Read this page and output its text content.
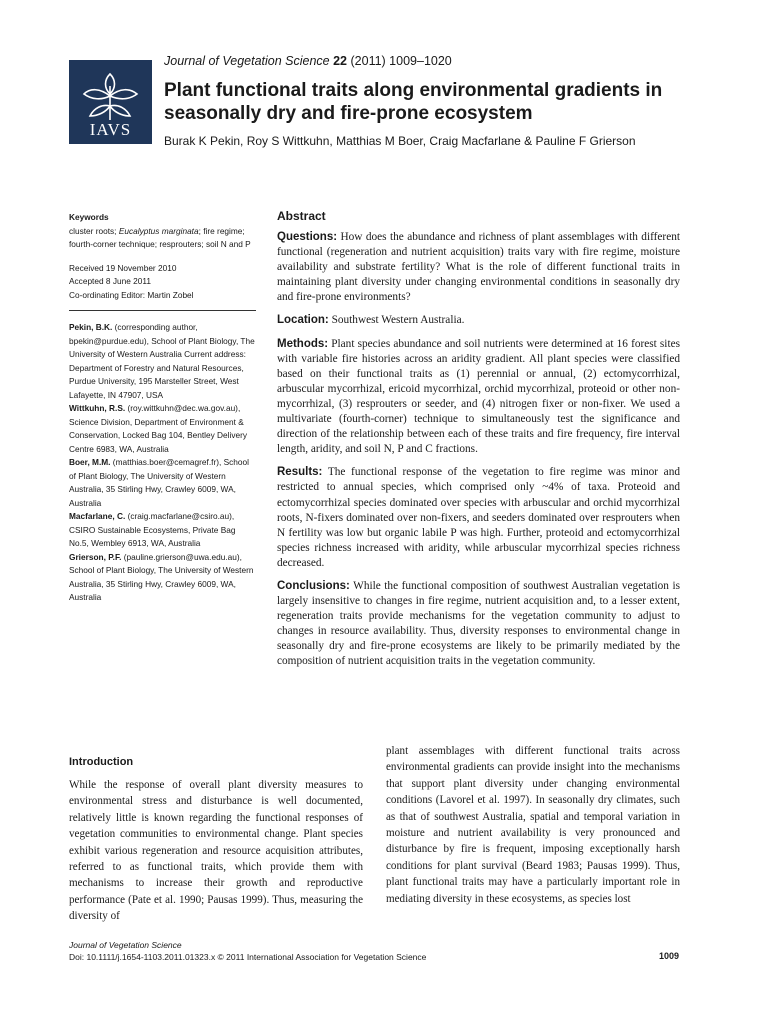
IAVS
Journal of Vegetation Science 22 (2011) 1009–1020
Plant functional traits along environmental gradients in seasonally dry and fire-prone ecosystem
Burak K Pekin, Roy S Wittkuhn, Matthias M Boer, Craig Macfarlane & Pauline F Grierson

Keywords

cluster roots; Eucalyptus marginata; fire regime; fourth-corner technique; resprouters; soil N and P

Received 19 November 2010

Accepted 8 June 2011

Co-ordinating Editor: Martin Zobel

Pekin, B.K. (corresponding author, bpekin@purdue.edu), School of Plant Biology, The University of Western Australia Current address: Department of Forestry and Natural Resources, Purdue University, 195 Marsteller Street, West Lafayette, IN 47907, USA

Wittkuhn, R.S. (roy.wittkuhn@dec.wa.gov.au), Science Division, Department of Environment & Conservation, Locked Bag 104, Bentley Delivery Centre 6983, WA, Australia

Boer, M.M. (matthias.boer@cemagref.fr), School of Plant Biology, The University of Western Australia, 35 Stirling Hwy, Crawley 6009, WA, Australia

Macfarlane, C. (craig.macfarlane@csiro.au), CSIRO Sustainable Ecosystems, Private Bag No.5, Wembley 6913, WA, Australia

Grierson, P.F. (pauline.grierson@uwa.edu.au), School of Plant Biology, The University of Western Australia, 35 Stirling Hwy, Crawley 6009, WA, Australia

Abstract

Questions: How does the abundance and richness of plant assemblages with different functional (regeneration and nutrient acquisition) traits vary with fire regime, moisture availability and substrate fertility? What is the role of different functional traits in maintaining plant diversity under changing environmental conditions in seasonally dry and fire-prone environments?

Location: Southwest Western Australia.

Methods: Plant species abundance and soil nutrients were determined at 16 forest sites with variable fire histories across an aridity gradient. All plant species were classified based on their functional traits as (1) perennial or annual, (2) ectomycorrhizal, arbuscular mycorrhizal, ericoid mycorrhizal, orchid mycorrhizal, proteoid or other non-mycorrhizal, (3) resprouters or seeder, and (4) nitrogen fixer or non-fixer. We used a multivariate (fourth-corner) technique to simultaneously test the significance and direction of the relationship between each of these traits and fire frequency, fire interval length, aridity, and soil N, P and C fractions.

Results: The functional response of the vegetation to fire regime was minor and restricted to annual species, which comprised only ~4% of taxa. Proteoid and ectomycorrhizal species dominated over species with arbuscular and orchid mycorrhizal roots, N-fixers dominated over non-fixers, and seeders dominated over resprouters when N fertility was low but organic labile P was high. Further, proteoid and ectomycorrhizal species richness increased with aridity, while arbuscular mycorrhizal species richness decreased.

Conclusions: While the functional composition of southwest Australian vegetation is largely insensitive to changes in fire regime, nutrient acquisition and, to a lesser extent, regeneration traits provide mechanisms for the vegetation community to adjust to changes in resource availability. Thus, diversity responses to environmental change in seasonally dry and fire-prone ecosystems are likely to be primarily mediated by the composition of nutrient acquisition traits in the vegetation community.

Introduction

While the response of overall plant diversity measures to environmental stress and disturbance is well documented, relatively little is known regarding the functional responses of vegetation communities to environmental change. Plant species exhibit various regeneration and resource acquisition attributes, referred to as functional traits, which provide them with mechanisms to increase their growth and reproductive performance (Pate et al. 1990; Pausas 1999). Thus, measuring the diversity of

plant assemblages with different functional traits across environmental gradients can provide insight into the mechanisms that support plant diversity under changing environmental conditions (Lavorel et al. 1997). In seasonally dry climates, such as that of southwest Australia, spatial and temporal variation in moisture and nutrient availability is very pronounced and disturbance by fire is frequent, imposing exceptionally harsh conditions for plant survival (Beard 1983; Pausas 1999). Thus, plant functional traits may have a particularly important role in mediating diversity in these ecosystems, as species lost

Journal of Vegetation Science
Doi: 10.1111/j.1654-1103.2011.01323.x © 2011 International Association for Vegetation Science	1009
